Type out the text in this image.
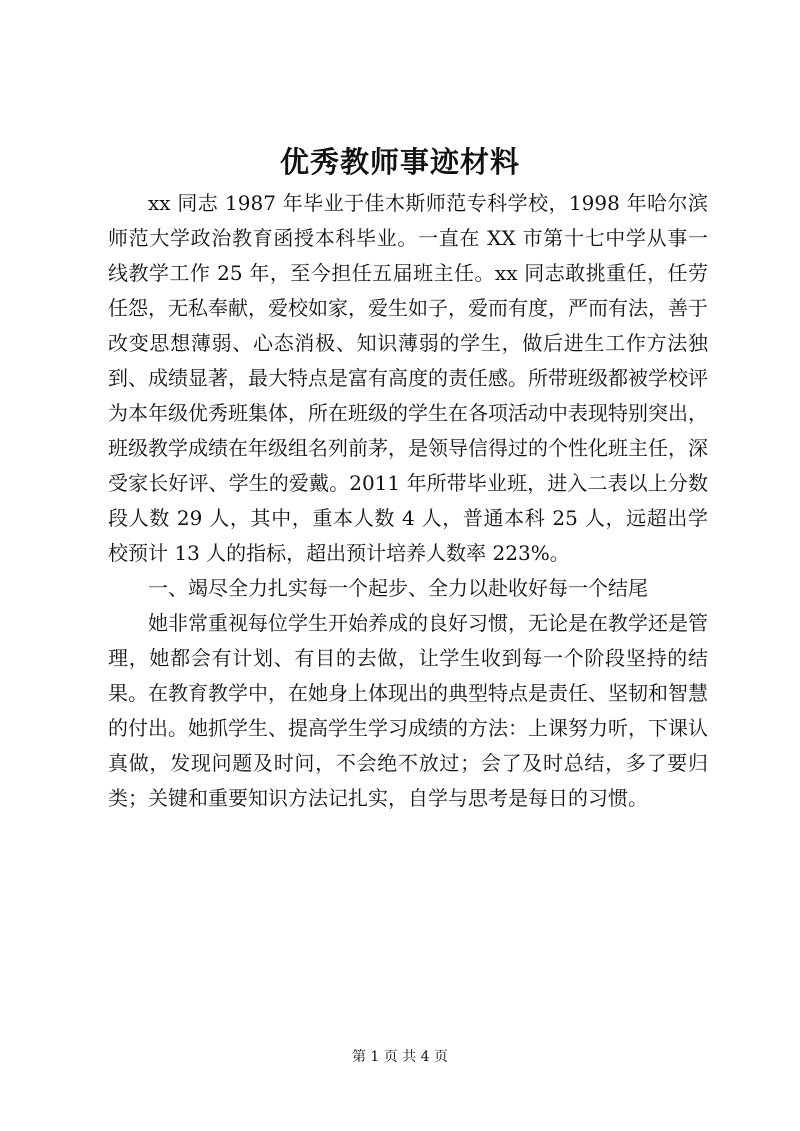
优秀教师事迹材料

xx 同志 1987 年毕业于佳木斯师范专科学校，1998 年哈尔滨师范大学政治教育函授本科毕业。一直在 XX 市第十七中学从事一线教学工作 25 年，至今担任五届班主任。xx 同志敢挑重任，任劳任怨，无私奉献，爱校如家，爱生如子，爱而有度，严而有法，善于改变思想薄弱、心态消极、知识薄弱的学生，做后进生工作方法独到、成绩显著，最大特点是富有高度的责任感。所带班级都被学校评为本年级优秀班集体，所在班级的学生在各项活动中表现特别突出，班级教学成绩在年级组名列前茅，是领导信得过的个性化班主任，深受家长好评、学生的爱戴。2011 年所带毕业班，进入二表以上分数段人数 29 人，其中，重本人数 4 人，普通本科 25 人，远超出学校预计 13 人的指标，超出预计培养人数率 223%。

一、竭尽全力扎实每一个起步、全力以赴收好每一个结尾

她非常重视每位学生开始养成的良好习惯，无论是在教学还是管理，她都会有计划、有目的去做，让学生收到每一个阶段坚持的结果。在教育教学中，在她身上体现出的典型特点是责任、坚韧和智慧的付出。她抓学生、提高学生学习成绩的方法：上课努力听，下课认真做，发现问题及时问，不会绝不放过；会了及时总结，多了要归类；关键和重要知识方法记扎实，自学与思考是每日的习惯。

第 1 页 共 4 页
